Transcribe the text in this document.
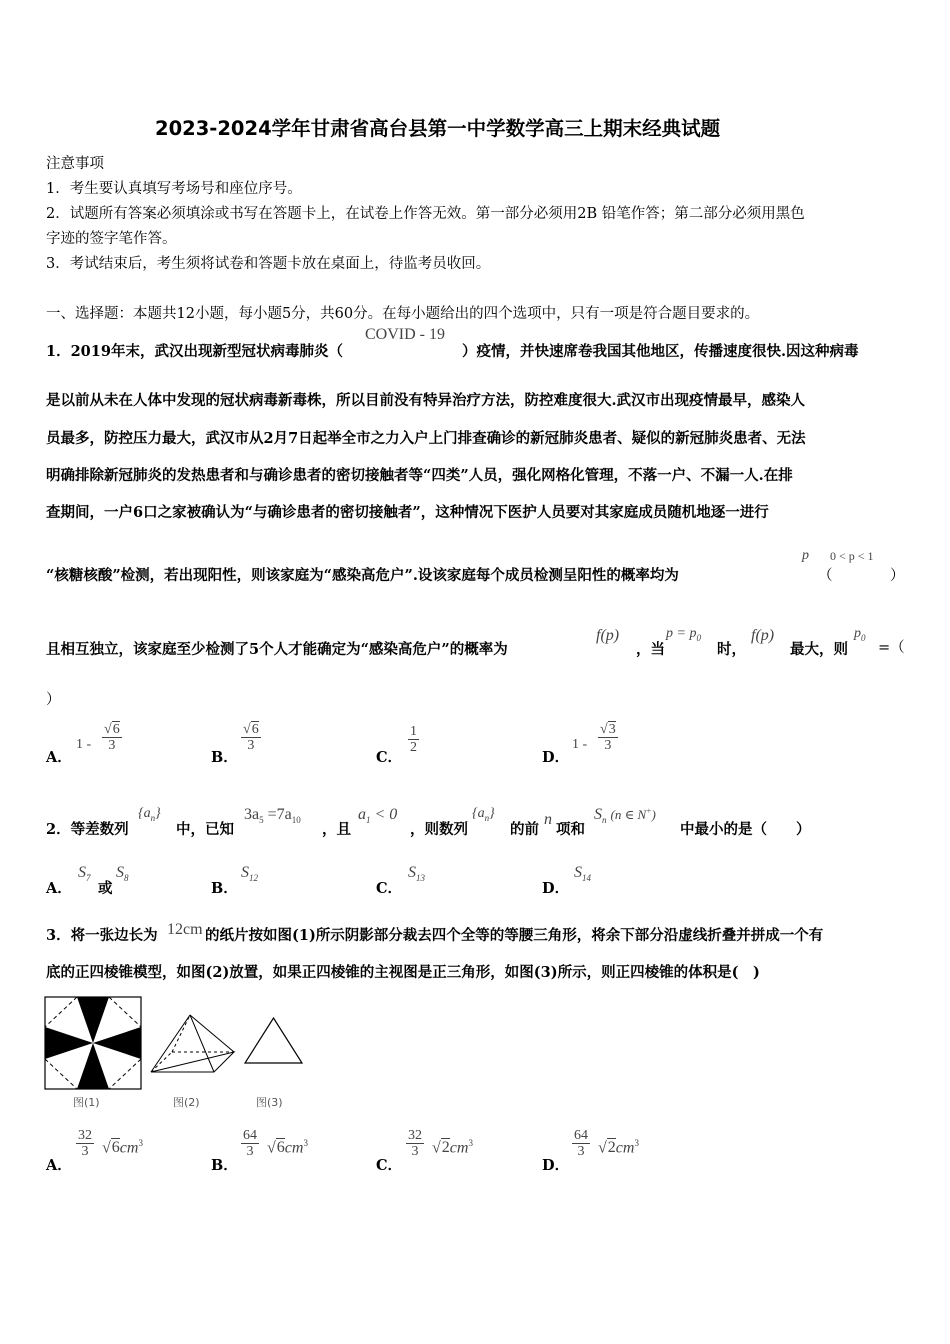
2023-2024学年甘肃省高台县第一中学数学高三上期末经典试题
注意事项
1．考生要认真填写考场号和座位序号。
2．试题所有答案必须填涂或书写在答题卡上，在试卷上作答无效。第一部分必须用2B 铅笔作答；第二部分必须用黑色
字迹的签字笔作答。
3．考试结束后，考生须将试卷和答题卡放在桌面上，待监考员收回。
一、选择题：本题共12小题，每小题5分，共60分。在每小题给出的四个选项中，只有一项是符合题目要求的。
1．2019年末，武汉出现新型冠状病毒肺炎（
COVID - 19
）疫情，并快速席卷我国其他地区，传播速度很快.因这种病毒
是以前从未在人体中发现的冠状病毒新毒株，所以目前没有特异治疗方法，防控难度很大.武汉市出现疫情最早，感染人
员最多，防控压力最大，武汉市从2月7日起举全市之力入户上门排查确诊的新冠肺炎患者、疑似的新冠肺炎患者、无法
明确排除新冠肺炎的发热患者和与确诊患者的密切接触者等“四类”人员，强化网格化管理，不落一户、不漏一人.在排
查期间，一户6口之家被确认为“与确诊患者的密切接触者”，这种情况下医护人员要对其家庭成员随机地逐一进行
“核糖核酸”检测，若出现阳性，则该家庭为“感染高危户”.设该家庭每个成员检测呈阳性的概率均为
p
（
0 < p < 1
）
且相互独立，该家庭至少检测了5个人才能确定为“感染高危户”的概率为
f(p)
，当
$p = p_0$
时，
f(p)
最大，则
$p_0$
=（
）
A．
$1 - \frac{√6}{3}$
B．
$\frac{√6}{3}$
C．
$\frac{1}{2}$
D．
$1 - \frac{√3}{3}$
2．等差数列
$\{a_n\}$
中，已知
$3a_5 =7a_{10}$
，且
$a_1 < 0$
，则数列
$\{a_n\}$
的前
n
项和
$S_n$ (n ∈ N+)
中最小的是（　　）
A．
$S_7$
或
$S_8$
B．
$S_{12}$
C．
$S_{13}$
D．
$S_{14}$
3．将一张边长为 12cm 的纸片按如图(1)所示阴影部分裁去四个全等的等腰三角形，将余下部分沿虚线折叠并拼成一个有
底的正四棱锥模型，如图(2)放置，如果正四棱锥的主视图是正三角形，如图(3)所示，则正四棱锥的体积是(　)
图(1)	图(2)	图(3)
A．
$\frac{32}{3} √6cm^3$
B．
$\frac{64}{3} √6cm^3$
C．
$\frac{32}{3} √2cm^3$
D．
$\frac{64}{3} √2cm^3$
